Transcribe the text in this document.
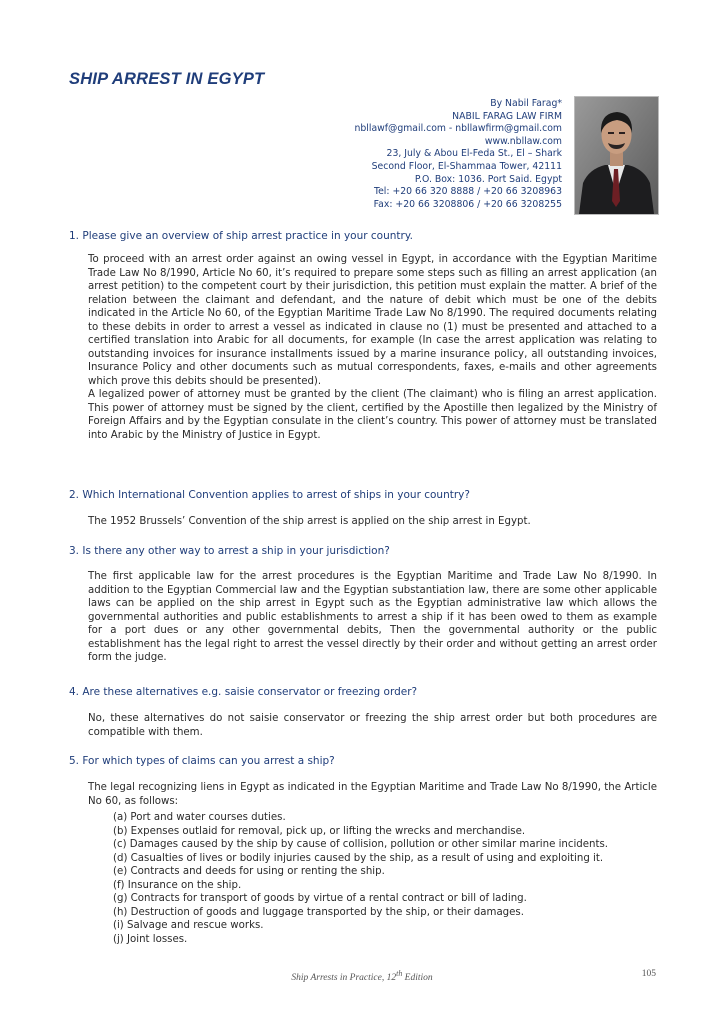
SHIP ARREST IN EGYPT
By Nabil Farag*
NABIL FARAG LAW FIRM
nbllawf@gmail.com - nbllawfirm@gmail.com
www.nbllaw.com
23, July & Abou El-Feda St., El – Shark
Second Floor, El-Shammaa Tower, 42111
P.O. Box: 1036. Port Said. Egypt
Tel: +20 66 320 8888 / +20 66 3208963
Fax: +20 66 3208806 / +20 66 3208255
1. Please give an overview of ship arrest practice in your country.

To proceed with an arrest order against an owing vessel in Egypt, in accordance with the Egyptian Maritime Trade Law No 8/1990, Article No 60, it’s required to prepare some steps such as filling an arrest application (an arrest petition) to the competent court by their jurisdiction, this petition must explain the matter. A brief of the relation between the claimant and defendant, and the nature of debit which must be one of the debits indicated in the Article No 60, of the Egyptian Maritime Trade Law No 8/1990. The required documents relating to these debits in order to arrest a vessel as indicated in clause no (1) must be presented and attached to a certified translation into Arabic for all documents, for example (In case the arrest application was relating to outstanding invoices for insurance installments issued by a marine insurance policy, all outstanding invoices, Insurance Policy and other documents such as mutual correspondents, faxes, e-mails and other agreements which prove this debits should be presented).

A legalized power of attorney must be granted by the client (The claimant) who is filing an arrest application. This power of attorney must be signed by the client, certified by the Apostille then legalized by the Ministry of Foreign Affairs and by the Egyptian consulate in the client’s country. This power of attorney must be translated into Arabic by the Ministry of Justice in Egypt.

2. Which International Convention applies to arrest of ships in your country?

The 1952 Brussels’ Convention of the ship arrest is applied on the ship arrest in Egypt.

3. Is there any other way to arrest a ship in your jurisdiction?

The first applicable law for the arrest procedures is the Egyptian Maritime and Trade Law No 8/1990. In addition to the Egyptian Commercial law and the Egyptian substantiation law, there are some other applicable laws can be applied on the ship arrest in Egypt such as the Egyptian administrative law which allows the governmental authorities and public establishments to arrest a ship if it has been owed to them as example for a port dues or any other governmental debits, Then the governmental authority or the public establishment has the legal right to arrest the vessel directly by their order and without getting an arrest order form the judge.

4. Are these alternatives e.g. saisie conservator or freezing order?

No, these alternatives do not saisie conservator or freezing the ship arrest order but both procedures are compatible with them.

5. For which types of claims can you arrest a ship?

The legal recognizing liens in Egypt as indicated in the Egyptian Maritime and Trade Law No 8/1990, the Article No 60, as follows:

(a) Port and water courses duties.
(b) Expenses outlaid for removal, pick up, or lifting the wrecks and merchandise.
(c) Damages caused by the ship by cause of collision, pollution or other similar marine incidents.
(d) Casualties of lives or bodily injuries caused by the ship, as a result of using and exploiting it.
(e) Contracts and deeds for using or renting the ship.
(f) Insurance on the ship.
(g) Contracts for transport of goods by virtue of a rental contract or bill of lading.
(h) Destruction of goods and luggage transported by the ship, or their damages.
(i) Salvage and rescue works.
(j) Joint losses.
Ship Arrests in Practice, 12th Edition	105
